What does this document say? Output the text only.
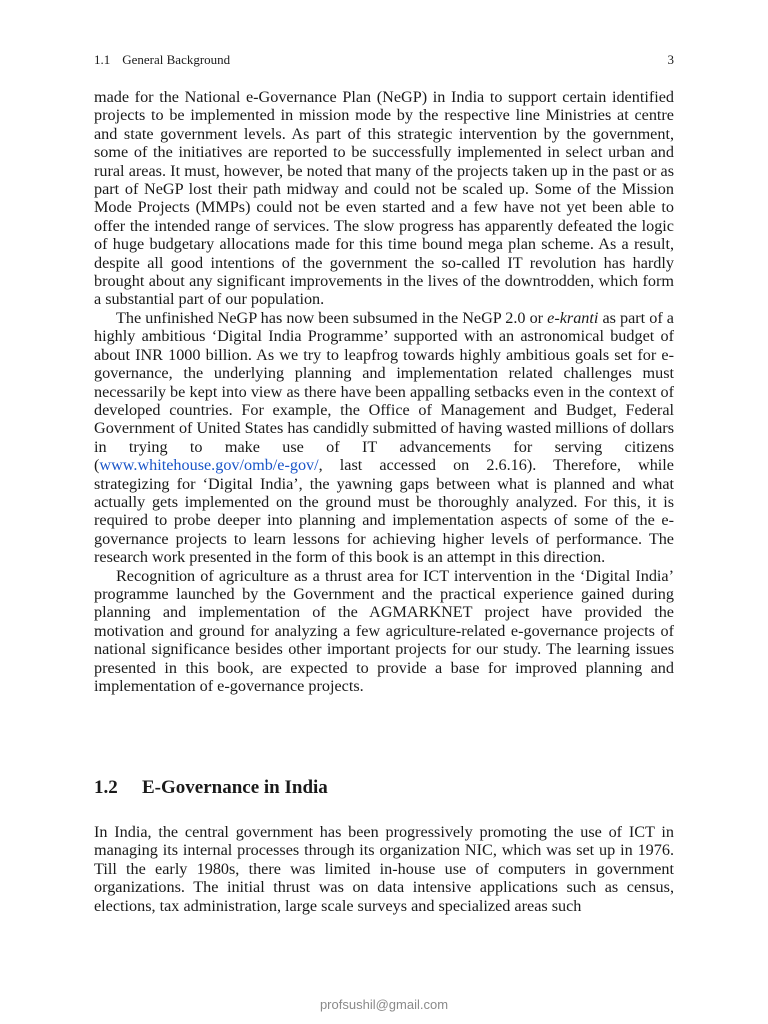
1.1 General Background	3

made for the National e-Governance Plan (NeGP) in India to support certain identified projects to be implemented in mission mode by the respective line Ministries at centre and state government levels. As part of this strategic intervention by the government, some of the initiatives are reported to be successfully implemented in select urban and rural areas. It must, however, be noted that many of the projects taken up in the past or as part of NeGP lost their path midway and could not be scaled up. Some of the Mission Mode Projects (MMPs) could not be even started and a few have not yet been able to offer the intended range of services. The slow progress has apparently defeated the logic of huge budgetary allocations made for this time bound mega plan scheme. As a result, despite all good intentions of the government the so-called IT revolution has hardly brought about any significant improvements in the lives of the downtrodden, which form a substantial part of our population.

The unfinished NeGP has now been subsumed in the NeGP 2.0 or e-kranti as part of a highly ambitious ‘Digital India Programme’ supported with an astronomical budget of about INR 1000 billion. As we try to leapfrog towards highly ambitious goals set for e-governance, the underlying planning and implementation related challenges must necessarily be kept into view as there have been appalling setbacks even in the context of developed countries. For example, the Office of Management and Budget, Federal Government of United States has candidly submitted of having wasted millions of dollars in trying to make use of IT advancements for serving citizens (www.whitehouse.gov/omb/e-gov/, last accessed on 2.6.16). Therefore, while strategizing for ‘Digital India’, the yawning gaps between what is planned and what actually gets implemented on the ground must be thoroughly analyzed. For this, it is required to probe deeper into planning and implementation aspects of some of the e-governance projects to learn lessons for achieving higher levels of performance. The research work presented in the form of this book is an attempt in this direction.

Recognition of agriculture as a thrust area for ICT intervention in the ‘Digital India’ programme launched by the Government and the practical experience gained during planning and implementation of the AGMARKNET project have provided the motivation and ground for analyzing a few agriculture-related e-governance projects of national significance besides other important projects for our study. The learning issues presented in this book, are expected to provide a base for improved planning and implementation of e-governance projects.

1.2 E-Governance in India

In India, the central government has been progressively promoting the use of ICT in managing its internal processes through its organization NIC, which was set up in 1976. Till the early 1980s, there was limited in-house use of computers in government organizations. The initial thrust was on data intensive applications such as census, elections, tax administration, large scale surveys and specialized areas such

profsushil@gmail.com
